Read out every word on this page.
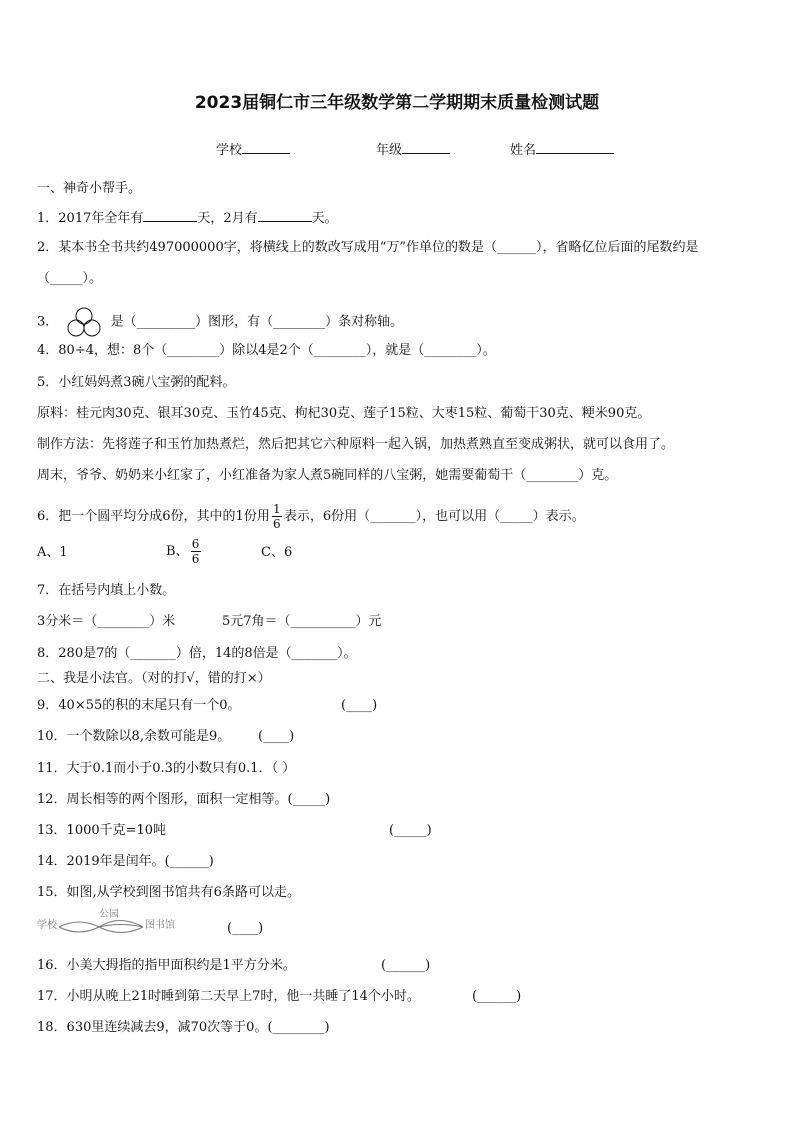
2023届铜仁市三年级数学第二学期期末质量检测试题
学校	年级	姓名
一、神奇小帮手。
1．2017年全年有	天，2月有	天。
2．某本书全书共约497000000字，将横线上的数改写成用“万”作单位的数是（______），省略亿位后面的尾数约是
（_____）。
3．	是（_________）图形，有（________）条对称轴。
4．80÷4，想：8个（________）除以4是2个（________），就是（________）。
5．小红妈妈煮3碗八宝粥的配料。
原料：桂元肉30克、银耳30克、玉竹45克、枸杞30克、莲子15粒、大枣15粒、葡萄干30克、粳米90克。
制作方法：先将莲子和玉竹加热煮烂，然后把其它六种原料一起入锅，加热煮熟直至变成粥状，就可以食用了。
周末，爷爷、奶奶来小红家了，小红准备为家人煮5碗同样的八宝粥，她需要葡萄干（________）克。
6．把一个圆平均分成6份，其中的1份用 $\frac{1}{6}$ 表示，6份用（_______），也可以用（_____）表示。
A、1	B、 $\frac{6}{6}$	C、6
7．在括号内填上小数。
3分米＝（________）米	5元7角＝（__________）元
8．280是7的（_______）倍，14的8倍是（_______）。
二、我是小法官。（对的打√，错的打×）
9．40×55的积的末尾只有一个0。	(____)
10．一个数除以8,余数可能是9。 (____)
11．大于0.1而小于0.3的小数只有0.1．（ ）
12．周长相等的两个图形，面积一定相等。(_____)
13．1000千克=10吨	(_____)
14．2019年是闰年。(______)
15．如图,从学校到图书馆共有6条路可以走。
学校
公园
图书馆	(____)
16．小美大拇指的指甲面积约是1平方分米。	(______)
17．小明从晚上21时睡到第二天早上7时，他一共睡了14个小时。	(______)
18．630里连续减去9，减70次等于0。(________)
